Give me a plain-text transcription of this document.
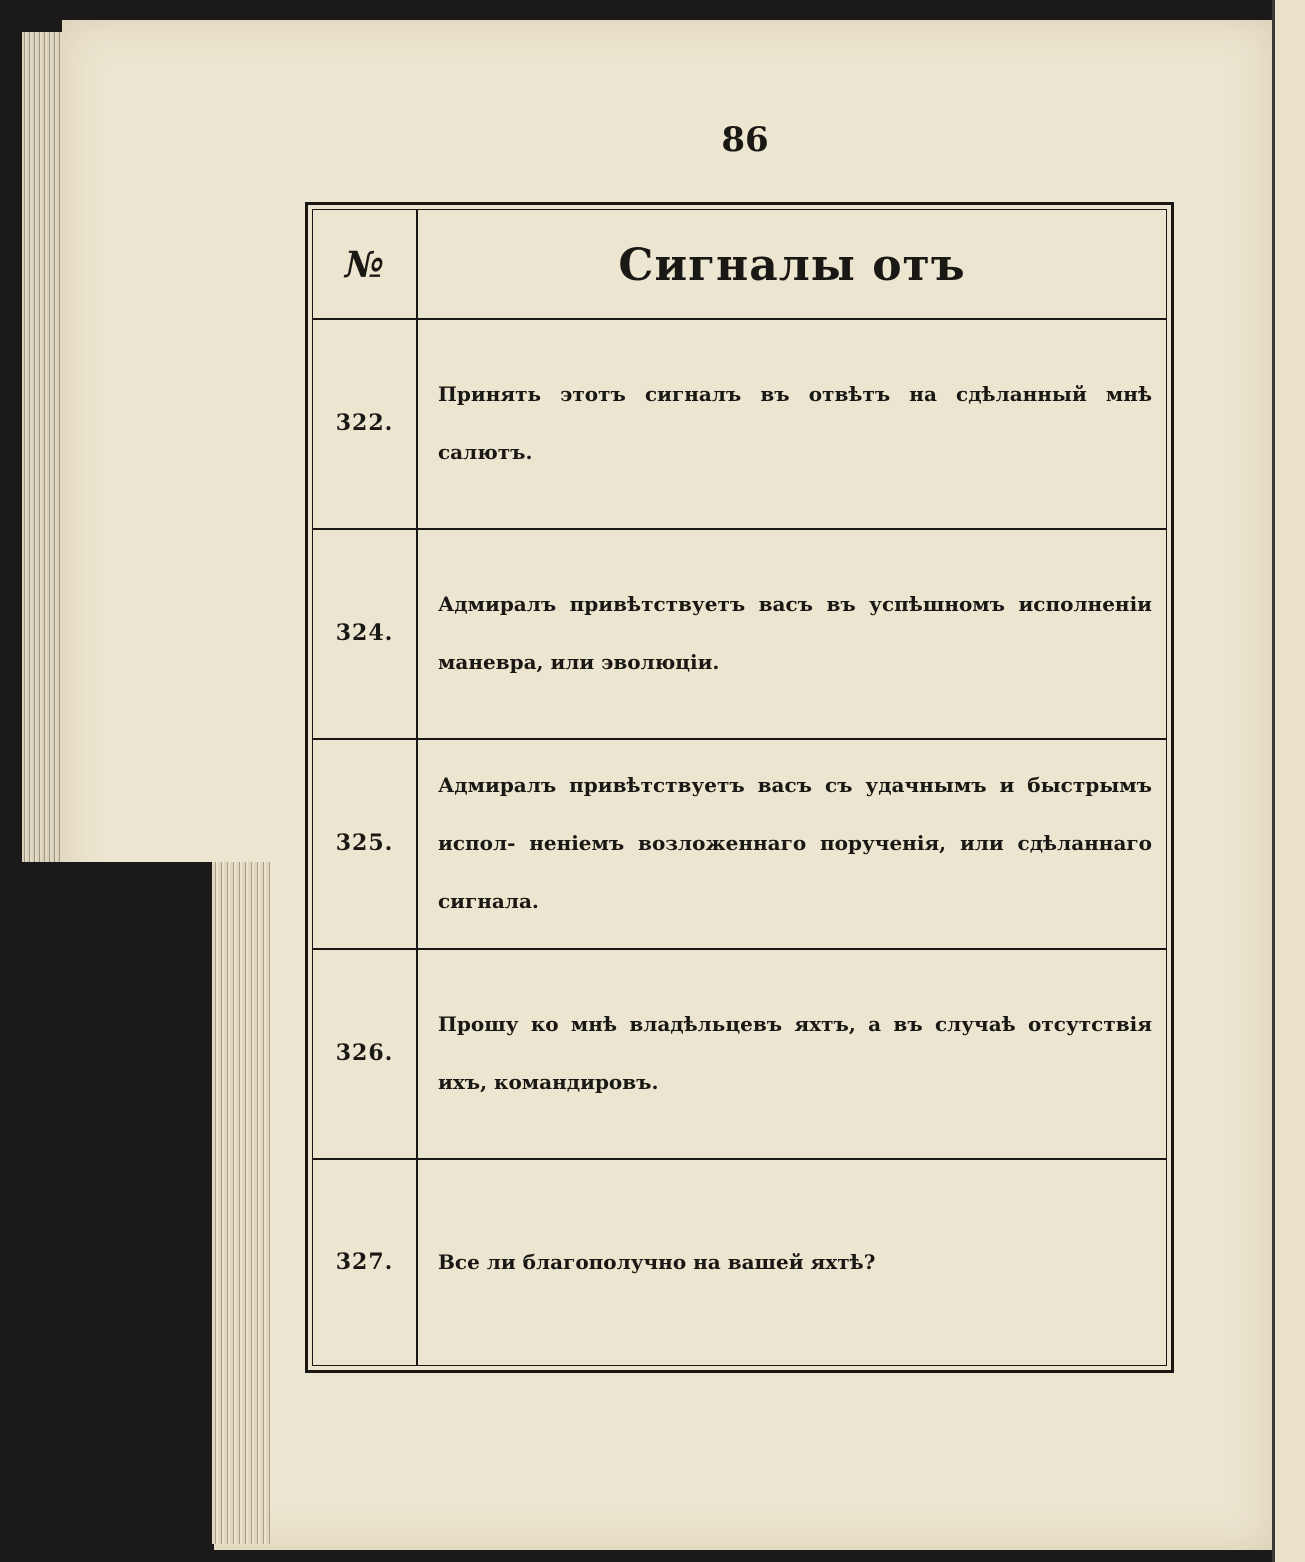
86
№	Сигналы отъ
322.
Принять этотъ сигналъ въ отвѣтъ на сдѣланный мнѣ салютъ.
324.
Адмиралъ привѣтствуетъ васъ въ успѣшномъ исполненіи маневра, или эволюціи.
325.
Адмиралъ привѣтствуетъ васъ съ удачнымъ и быстрымъ испол- неніемъ возложеннаго порученія, или сдѣланнаго сигнала.
326.
Прошу ко мнѣ владѣльцевъ яхтъ, а въ случаѣ отсутствія ихъ, командировъ.
327.	Все ли благополучно на вашей яхтѣ?
